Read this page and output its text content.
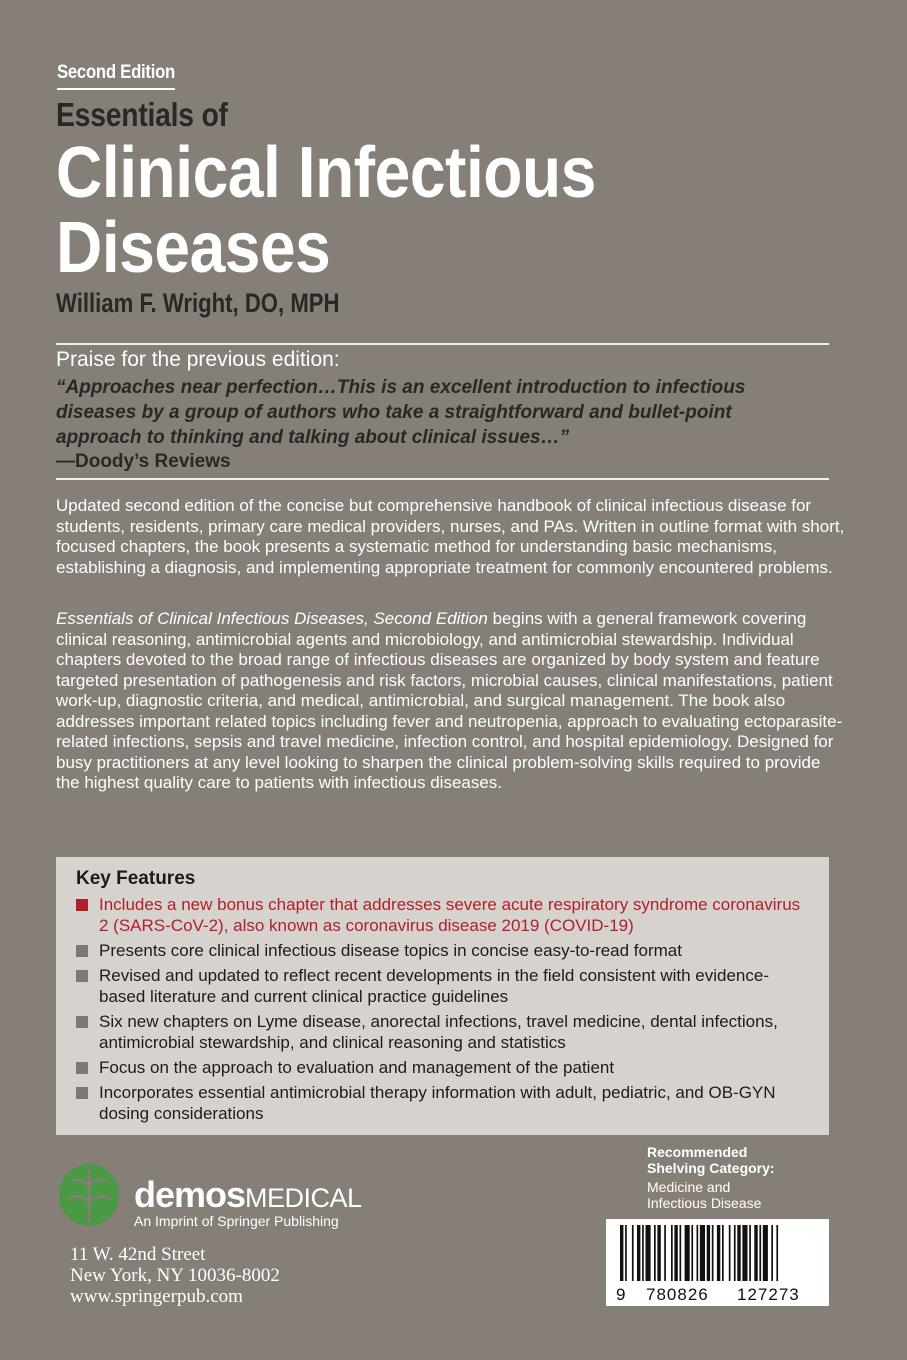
Second Edition
Essentials of
Clinical Infectious
Diseases
William F. Wright, DO, MPH
Praise for the previous edition:
“Approaches near perfection…This is an excellent introduction to infectious diseases by a group of authors who take a straightforward and bullet-point approach to thinking and talking about clinical issues…”
—Doody’s Reviews

Updated second edition of the concise but comprehensive handbook of clinical infectious disease for students, residents, primary care medical providers, nurses, and PAs. Written in outline format with short, focused chapters, the book presents a systematic method for understanding basic mechanisms, establishing a diagnosis, and implementing appropriate treatment for commonly encountered problems.

Essentials of Clinical Infectious Diseases, Second Edition begins with a general framework covering clinical reasoning, antimicrobial agents and microbiology, and antimicrobial stewardship. Individual chapters devoted to the broad range of infectious diseases are organized by body system and feature targeted presentation of pathogenesis and risk factors, microbial causes, clinical manifestations, patient work-up, diagnostic criteria, and medical, antimicrobial, and surgical management. The book also addresses important related topics including fever and neutropenia, approach to evaluating ectoparasite-related infections, sepsis and travel medicine, infection control, and hospital epidemiology. Designed for busy practitioners at any level looking to sharpen the clinical problem-solving skills required to provide the highest quality care to patients with infectious diseases.

Key Features
Includes a new bonus chapter that addresses severe acute respiratory syndrome coronavirus 2 (SARS-CoV-2), also known as coronavirus disease 2019 (COVID-19)
Presents core clinical infectious disease topics in concise easy-to-read format
Revised and updated to reflect recent developments in the field consistent with evidence-based literature and current clinical practice guidelines
Six new chapters on Lyme disease, anorectal infections, travel medicine, dental infections, antimicrobial stewardship, and clinical reasoning and statistics
Focus on the approach to evaluation and management of the patient
Incorporates essential antimicrobial therapy information with adult, pediatric, and OB-GYN dosing considerations
demosMEDICAL
An Imprint of Springer Publishing
11 W. 42nd Street
New York, NY 10036-8002
www.springerpub.com
Recommended
Shelving Category:
Medicine and
Infectious Disease
9 780826 127273
